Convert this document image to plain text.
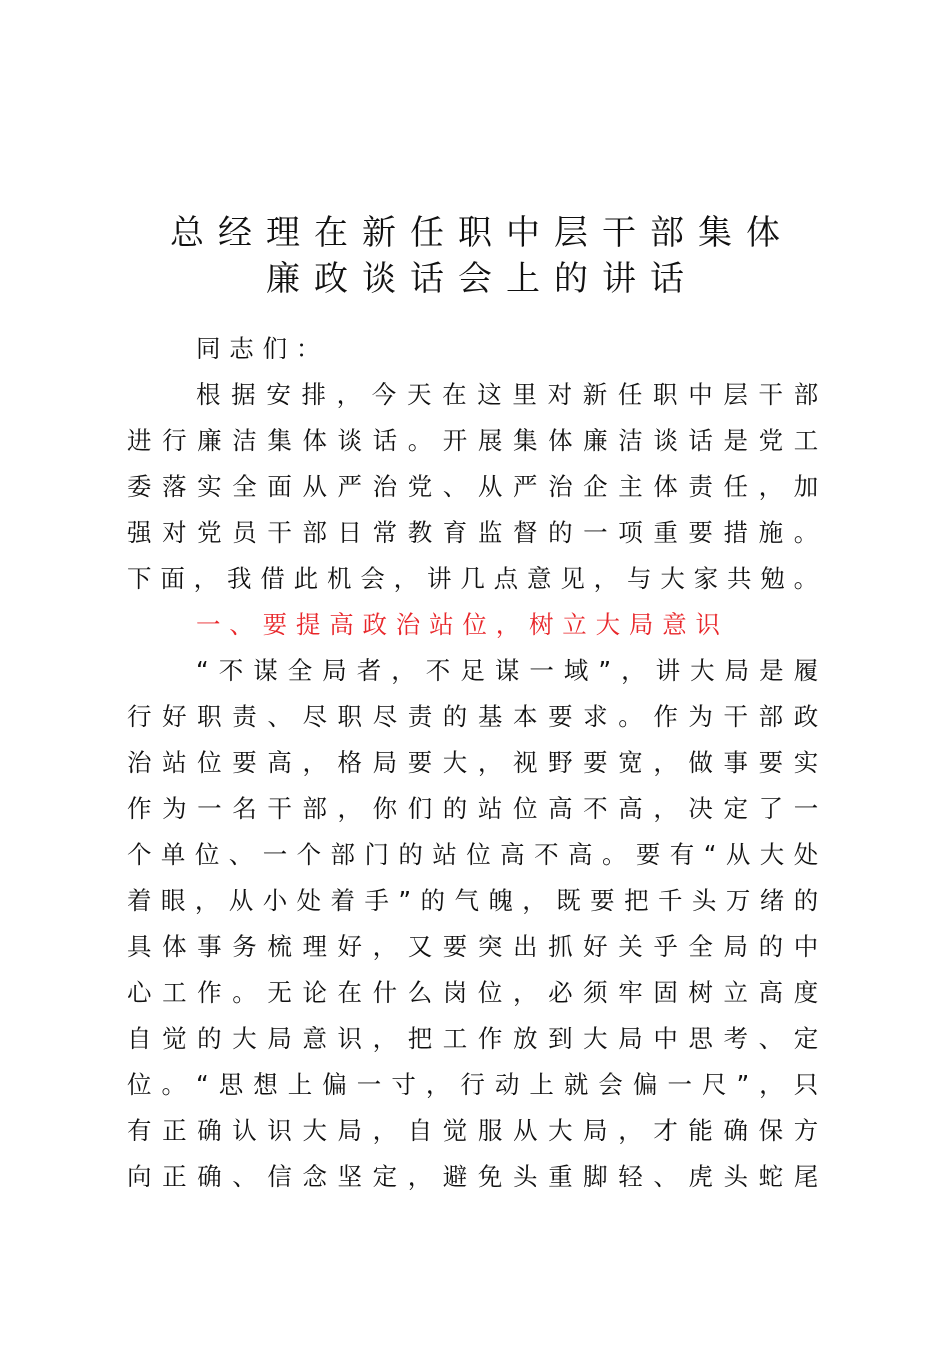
总经理在新任职中层干部集体
廉政谈话会上的讲话
同志们：
根据安排，今天在这里对新任职中层干部
进行廉洁集体谈话。开展集体廉洁谈话是党工
委落实全面从严治党、从严治企主体责任，加
强对党员干部日常教育监督的一项重要措施。
下面，我借此机会，讲几点意见，与大家共勉。
一、要提高政治站位，树立大局意识
“不谋全局者，不足谋一域”，讲大局是履
行好职责、尽职尽责的基本要求。作为干部政
治站位要高，格局要大，视野要宽，做事要实
作为一名干部，你们的站位高不高，决定了一
个单位、一个部门的站位高不高。要有“从大处
着眼，从小处着手”的气魄，既要把千头万绪的
具体事务梳理好，又要突出抓好关乎全局的中
心工作。无论在什么岗位，必须牢固树立高度
自觉的大局意识，把工作放到大局中思考、定
位。“思想上偏一寸，行动上就会偏一尺”，只
有正确认识大局，自觉服从大局，才能确保方
向正确、信念坚定，避免头重脚轻、虎头蛇尾
